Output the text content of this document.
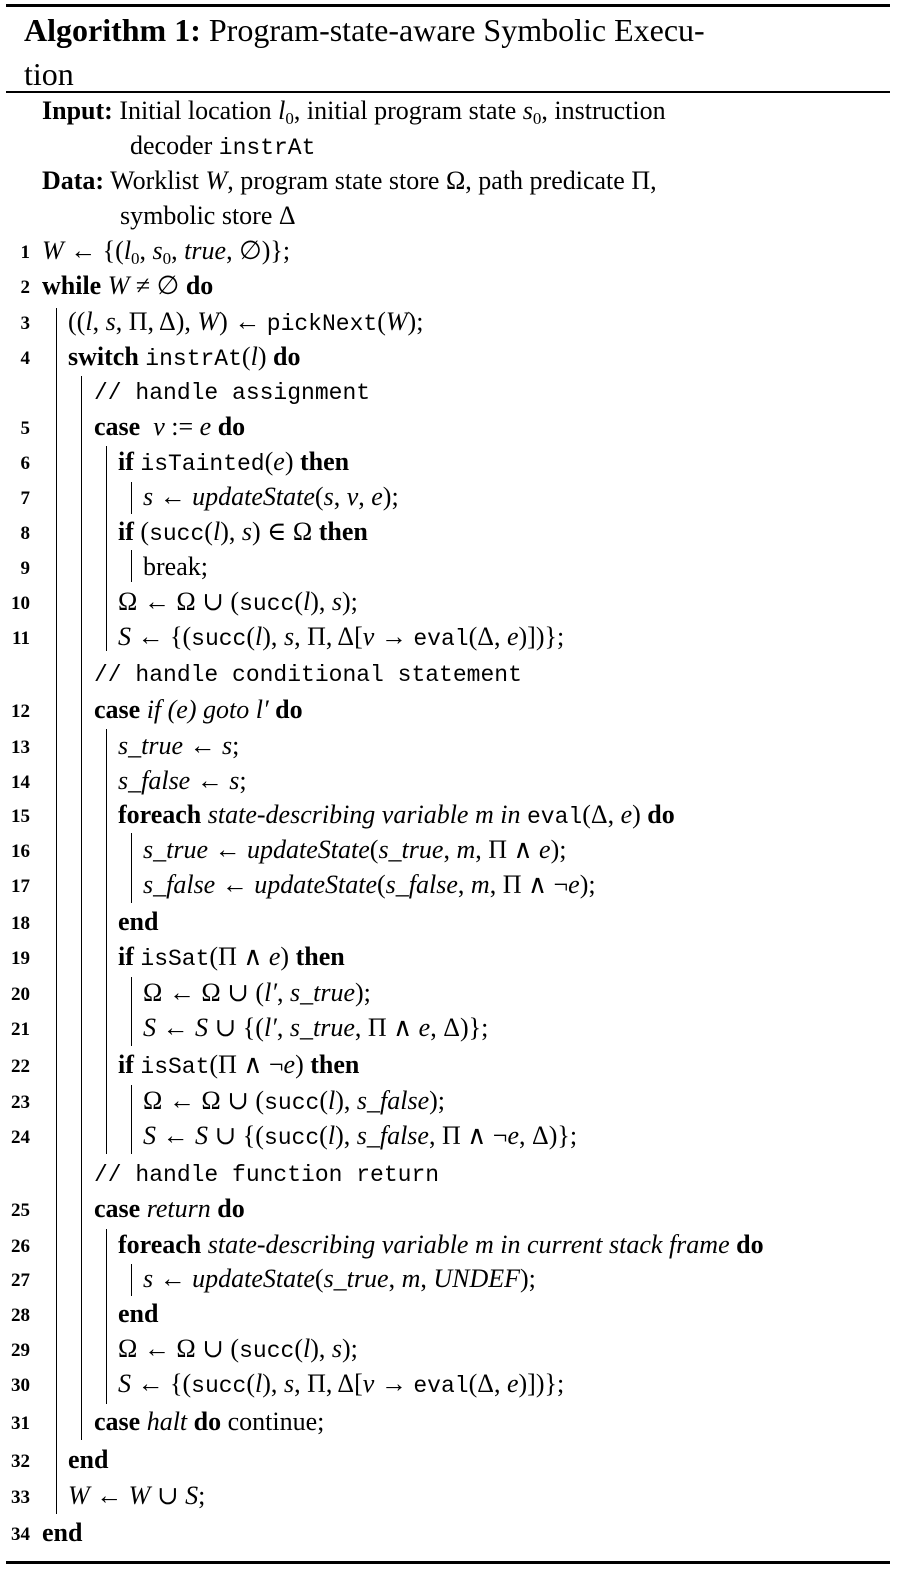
Algorithm 1: Program-state-aware Symbolic Execu-
tion
Input: Initial location $l_0$, initial program state $s_0$, instruction
decoder instrAt
Data: Worklist W, program state store Ω, path predicate Π,
symbolic store Δ
1
2
3
4
5
6
7
8
9
10
11
12
13
14
15
16
17
18
19
20
21
22
23
24
25
26
27
28
29
30
31
32
33
34
W ← {($l_0$, $s_0$, true, ∅)};
while W ≠ ∅ do
((l, s, Π, Δ), W) ← pickNext(W);
switch instrAt(l) do
// handle assignment
case v := e do
if isTainted(e) then
s ← updateState(s, v, e);
if (succ(l), s) ∈ Ω then
break;
Ω ← Ω ∪ (succ(l), s);
S ← {(succ(l), s, Π, Δ[v → eval(Δ, e)])};
// handle conditional statement
case if (e) goto l′ do
s_true ← s;
s_false ← s;
foreach state-describing variable m in eval(Δ, e) do
s_true ← updateState(s_true, m, Π ∧ e);
s_false ← updateState(s_false, m, Π ∧ ¬e);
end
if isSat(Π ∧ e) then
Ω ← Ω ∪ (l′, s_true);
S ← S ∪ {(l′, s_true, Π ∧ e, Δ)};
if isSat(Π ∧ ¬e) then
Ω ← Ω ∪ (succ(l), s_false);
S ← S ∪ {(succ(l), s_false, Π ∧ ¬e, Δ)};
// handle function return
case return do
foreach state-describing variable m in current stack frame do
s ← updateState(s_true, m, UNDEF);
end
Ω ← Ω ∪ (succ(l), s);
S ← {(succ(l), s, Π, Δ[v → eval(Δ, e)])};
case halt do continue;
end
W ← W ∪ S;
end
